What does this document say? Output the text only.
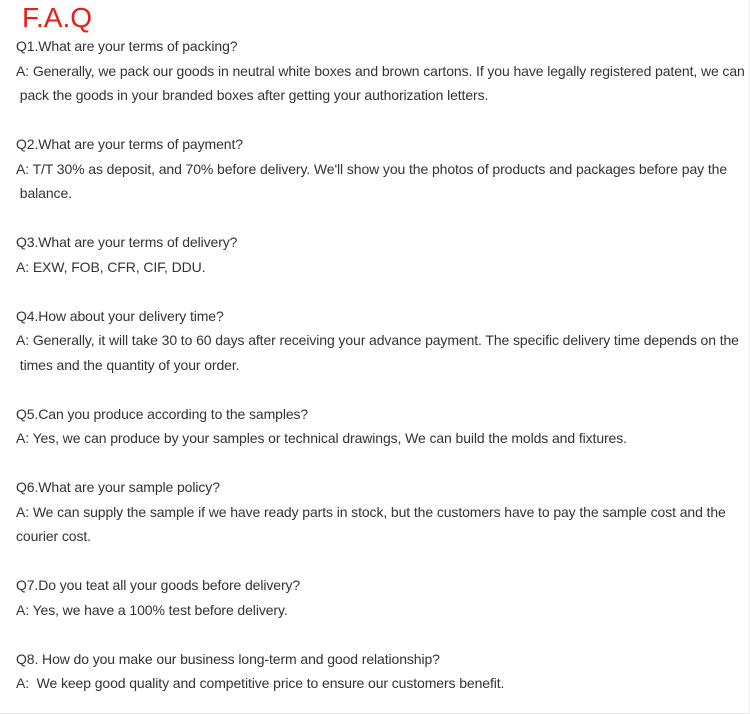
F.A.Q
Q1.What are your terms of packing?
A: Generally, we pack our goods in neutral white boxes and brown cartons. If you have legally registered patent, we can
pack the goods in your branded boxes after getting your authorization letters.
Q2.What are your terms of payment?
A: T/T 30% as deposit, and 70% before delivery. We'll show you the photos of products and packages before pay the
balance.
Q3.What are your terms of delivery?
A: EXW, FOB, CFR, CIF, DDU.
Q4.How about your delivery time?
A: Generally, it will take 30 to 60 days after receiving your advance payment. The specific delivery time depends on the
times and the quantity of your order.
Q5.Can you produce according to the samples?
A: Yes, we can produce by your samples or technical drawings, We can build the molds and fixtures.
Q6.What are your sample policy?
A: We can supply the sample if we have ready parts in stock, but the customers have to pay the sample cost and the
courier cost.
Q7.Do you teat all your goods before delivery?
A: Yes, we have a 100% test before delivery.
Q8. How do you make our business long-term and good relationship?
A:  We keep good quality and competitive price to ensure our customers benefit.
